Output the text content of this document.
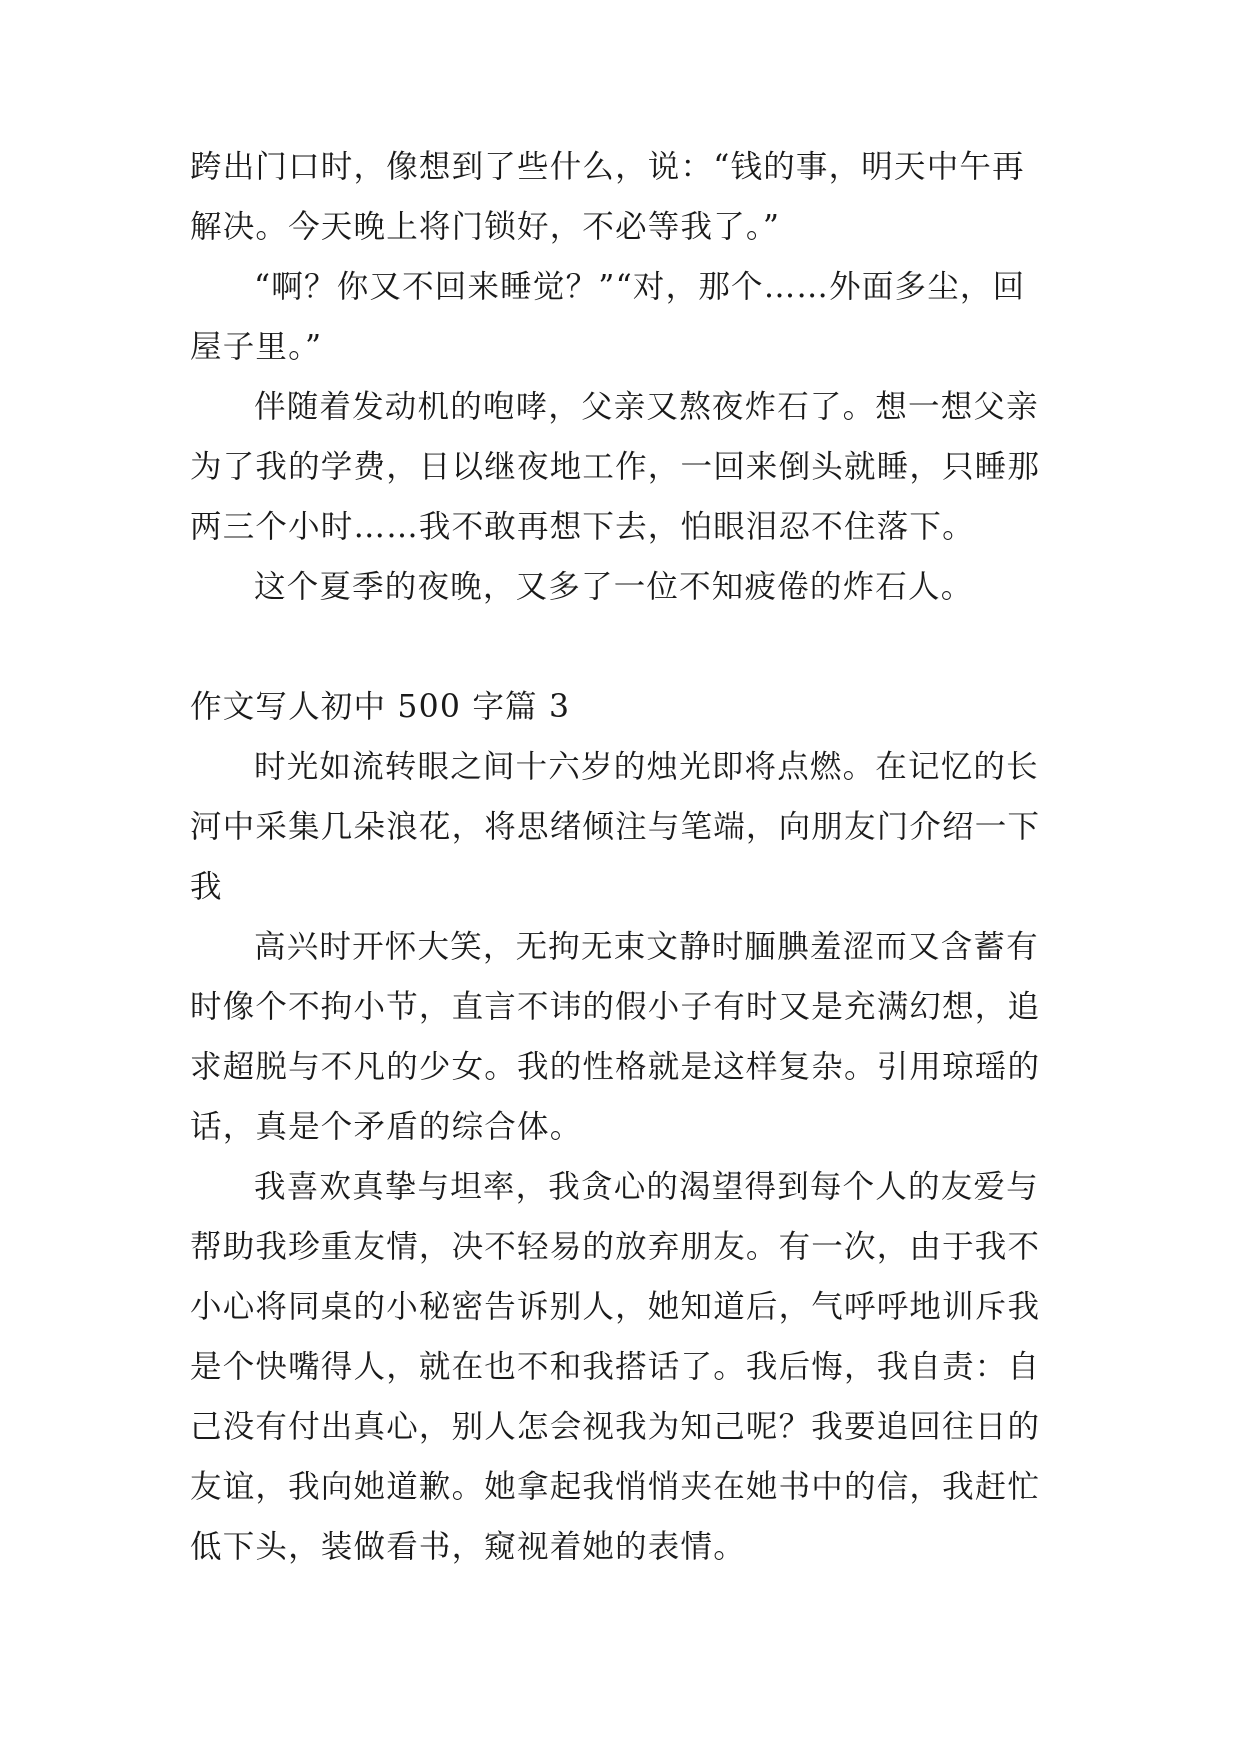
跨出门口时，像想到了些什么，说：“钱的事，明天中午再解决。今天晚上将门锁好，不必等我了。”

“啊？你又不回来睡觉？”“对，那个……外面多尘，回屋子里。”

伴随着发动机的咆哮，父亲又熬夜炸石了。想一想父亲为了我的学费，日以继夜地工作，一回来倒头就睡，只睡那两三个小时……我不敢再想下去，怕眼泪忍不住落下。

这个夏季的夜晚，又多了一位不知疲倦的炸石人。

作文写人初中 500 字篇 3

时光如流转眼之间十六岁的烛光即将点燃。在记忆的长河中采集几朵浪花，将思绪倾注与笔端，向朋友门介绍一下我

高兴时开怀大笑，无拘无束文静时腼腆羞涩而又含蓄有时像个不拘小节，直言不讳的假小子有时又是充满幻想，追求超脱与不凡的少女。我的性格就是这样复杂。引用琼瑶的话，真是个矛盾的综合体。

我喜欢真挚与坦率，我贪心的渴望得到每个人的友爱与帮助我珍重友情，决不轻易的放弃朋友。有一次，由于我不小心将同桌的小秘密告诉别人，她知道后，气呼呼地训斥我是个快嘴得人，就在也不和我搭话了。我后悔，我自责：自己没有付出真心，别人怎会视我为知己呢？我要追回往日的友谊，我向她道歉。她拿起我悄悄夹在她书中的信，我赶忙低下头，装做看书，窥视着她的表情。
